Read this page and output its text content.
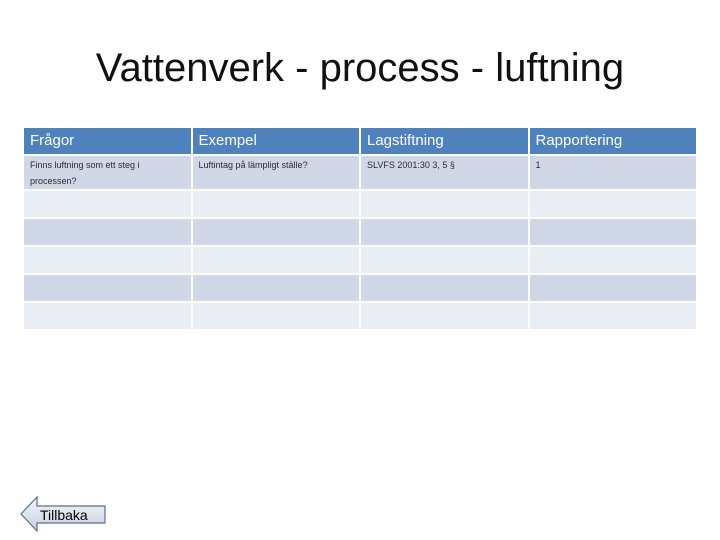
Vattenverk - process - luftning
Frågor	Exempel	Lagstiftning	Rapportering
Finns luftning som ett steg i processen?	Luftintag på lämpligt ställe?	SLVFS 2001:30 3, 5 §	1

Tillbaka
